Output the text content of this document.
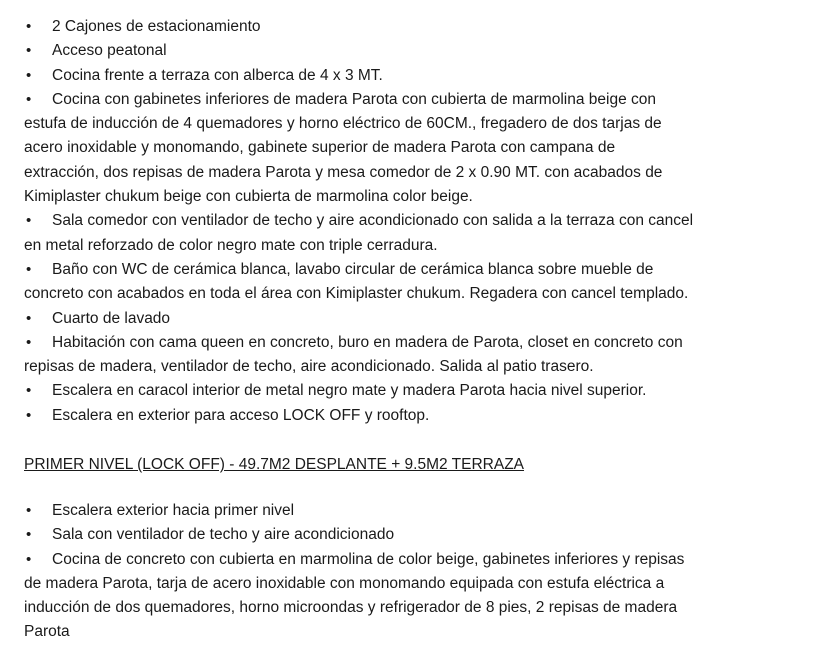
• 2 Cajones de estacionamiento
• Acceso peatonal
• Cocina frente a terraza con alberca de 4 x 3 MT.
• Cocina con gabinetes inferiores de madera Parota con cubierta de marmolina beige con
estufa de inducción de 4 quemadores y horno eléctrico de 60CM., fregadero de dos tarjas de
acero inoxidable y monomando, gabinete superior de madera Parota con campana de
extracción, dos repisas de madera Parota y mesa comedor de 2 x 0.90 MT. con acabados de
Kimiplaster chukum beige con cubierta de marmolina color beige.
• Sala comedor con ventilador de techo y aire acondicionado con salida a la terraza con cancel
en metal reforzado de color negro mate con triple cerradura.
• Baño con WC de cerámica blanca, lavabo circular de cerámica blanca sobre mueble de
concreto con acabados en toda el área con Kimiplaster chukum. Regadera con cancel templado.
• Cuarto de lavado
• Habitación con cama queen en concreto, buro en madera de Parota, closet en concreto con
repisas de madera, ventilador de techo, aire acondicionado. Salida al patio trasero.
• Escalera en caracol interior de metal negro mate y madera Parota hacia nivel superior.
• Escalera en exterior para acceso LOCK OFF y rooftop.
PRIMER NIVEL (LOCK OFF) - 49.7M2 DESPLANTE + 9.5M2 TERRAZA
• Escalera exterior hacia primer nivel
• Sala con ventilador de techo y aire acondicionado
• Cocina de concreto con cubierta en marmolina de color beige, gabinetes inferiores y repisas
de madera Parota, tarja de acero inoxidable con monomando equipada con estufa eléctrica a
inducción de dos quemadores, horno microondas y refrigerador de 8 pies, 2 repisas de madera
Parota
